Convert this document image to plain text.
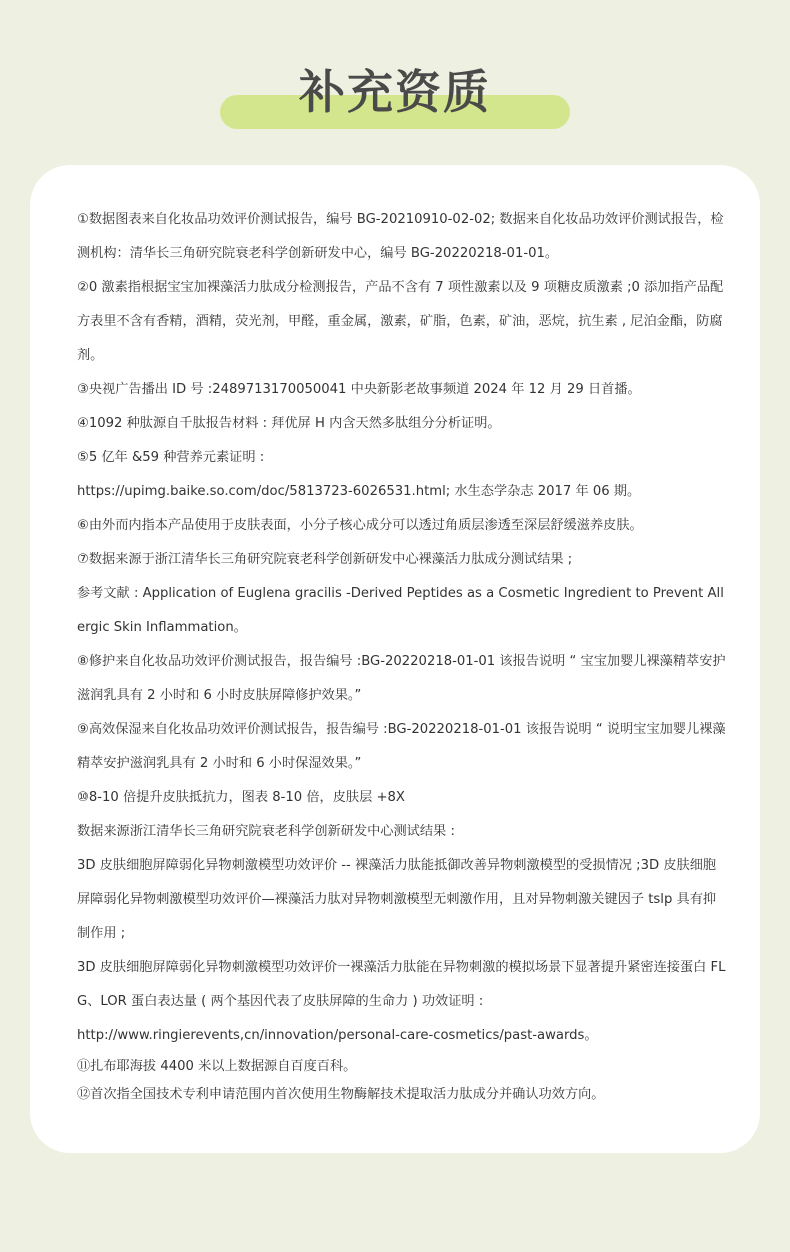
补充资质

①数据图表来自化妆品功效评价测试报告，编号 BG-20210910-02-02; 数据来自化妆品功效评价测试报告，检测机构：清华长三角研究院衰老科学创新研发中心，编号 BG-20220218-01-01。

②0 激素指根据宝宝加裸藻活力肽成分检测报告，产品不含有 7 项性激素以及 9 项糖皮质激素 ;0 添加指产品配方表里不含有香精，酒精，荧光剂，甲醛，重金属，激素，矿脂，色素，矿油，恶烷，抗生素 , 尼泊金酯，防腐剂。

③央视广告播出 ID 号 :2489713170050041 中央新影老故事频道 2024 年 12 月 29 日首播。

④1092 种肽源自千肽报告材料 : 拜优屏 H 内含天然多肽组分分析证明。

⑤5 亿年 &59 种营养元素证明 :

https://upimg.baike.so.com/doc/5813723-6026531.html; 水生态学杂志 2017 年 06 期。

⑥由外而内指本产品使用于皮肤表面，小分子核心成分可以透过角质层渗透至深层舒缓滋养皮肤。

⑦数据来源于浙江清华长三角研究院衰老科学创新研发中心裸藻活力肽成分测试结果 ;

参考文献 : Application of Euglena gracilis -Derived Peptides as a Cosmetic Ingredient to Prevent Allergic Skin Inflammation。

⑧修护来自化妆品功效评价测试报告，报告编号 :BG-20220218-01-01 该报告说明 “ 宝宝加婴儿裸藻精萃安护滋润乳具有 2 小时和 6 小时皮肤屏障修护效果。”

⑨高效保湿来自化妆品功效评价测试报告，报告编号 :BG-20220218-01-01 该报告说明 “ 说明宝宝加婴儿裸藻精萃安护滋润乳具有 2 小时和 6 小时保湿效果。”

⑩8-10 倍提升皮肤抵抗力，图表 8-10 倍，皮肤层 +8X

数据来源浙江清华长三角研究院衰老科学创新研发中心测试结果 :

3D 皮肤细胞屏障弱化异物刺激模型功效评价 -- 裸藻活力肽能抵御改善异物刺激模型的受损情况 ;3D 皮肤细胞屏障弱化异物刺激模型功效评价—裸藻活力肽对异物刺激模型无刺激作用，且对异物刺激关键因子 tslp 具有抑制作用 ;

3D 皮肤细胞屏障弱化异物刺激模型功效评价一裸藻活力肽能在异物刺激的模拟场景下显著提升紧密连接蛋白 FLG、LOR 蛋白表达量 ( 两个基因代表了皮肤屏障的生命力 ) 功效证明 :

http://www.ringierevents,cn/innovation/personal-care-cosmetics/past-awards。

⑪扎布耶海拔 4400 米以上数据源自百度百科。

⑫首次指全国技术专利申请范围内首次使用生物酶解技术提取活力肽成分并确认功效方向。
